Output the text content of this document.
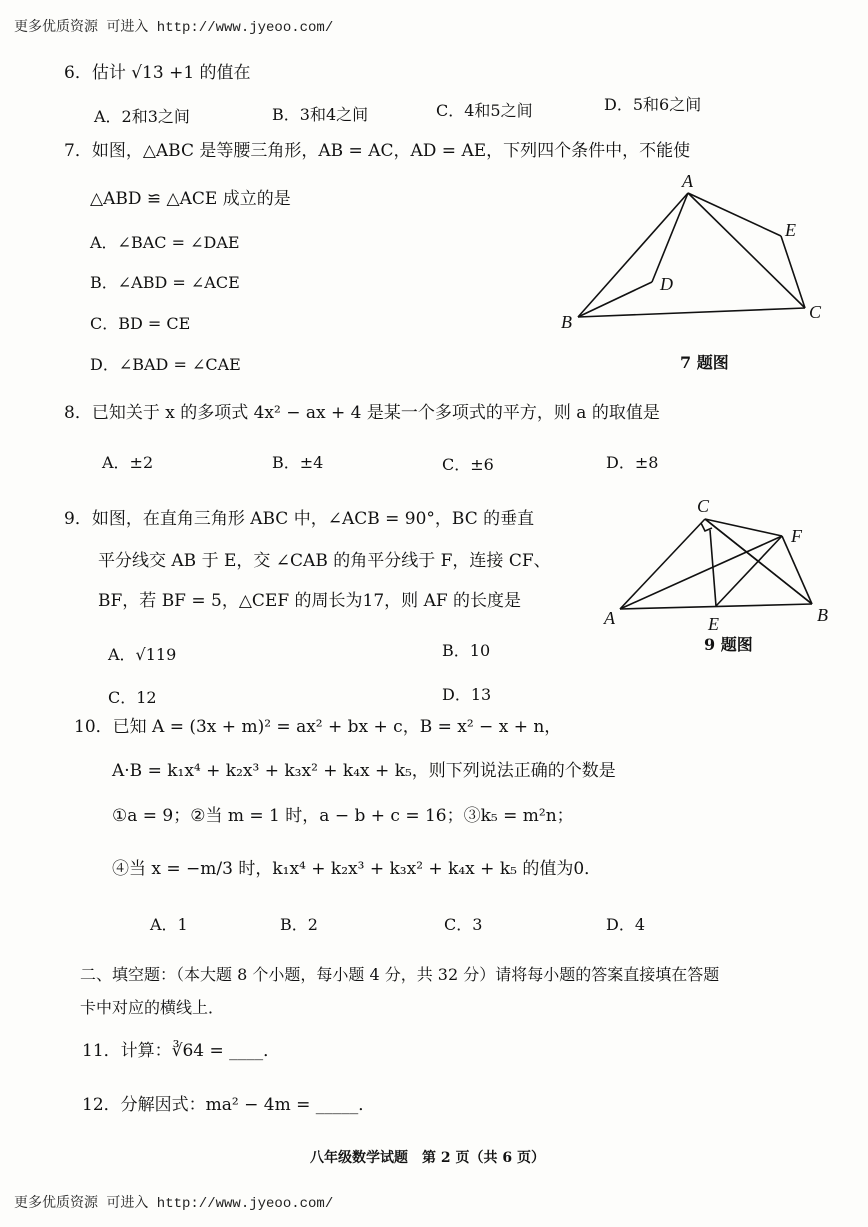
更多优质资源 可进入 http://www.jyeoo.com/
6．估计 √13 +1 的值在
A．2和3之间	B．3和4之间	C．4和5之间	D．5和6之间
7．如图，△ABC 是等腰三角形，AB = AC，AD = AE，下列四个条件中，不能使
△ABD ≌ △ACE 成立的是
A．∠BAC = ∠DAE
B．∠ABD = ∠ACE
C．BD = CE
D．∠BAD = ∠CAE
A
B	C
D
E
7 题图
8．已知关于 x 的多项式 4x² − ax + 4 是某一个多项式的平方，则 a 的取值是
A．±2	B．±4	C．±6	D．±8
9．如图，在直角三角形 ABC 中，∠ACB = 90°，BC 的垂直
平分线交 AB 于 E，交 ∠CAB 的角平分线于 F，连接 CF、
BF，若 BF = 5，△CEF 的周长为17，则 AF 的长度是
A．√119	B．10
C．12	D．13
C
F
A	E	B
9 题图
10．已知 A = (3x + m)² = ax² + bx + c，B = x² − x + n，
A·B = k₁x⁴ + k₂x³ + k₃x² + k₄x + k₅，则下列说法正确的个数是
①a = 9；②当 m = 1 时，a − b + c = 16；③k₅ = m²n；
④当 x = −m/3 时，k₁x⁴ + k₂x³ + k₃x² + k₄x + k₅ 的值为0．
A．1	B．2	C．3	D．4
二、填空题：（本大题 8 个小题，每小题 4 分，共 32 分）请将每小题的答案直接填在答题
卡中对应的横线上．
11．计算：∛64 = ____．
12．分解因式：ma² − 4m = _____．
八年级数学试题　第 2 页（共 6 页）
更多优质资源 可进入 http://www.jyeoo.com/
